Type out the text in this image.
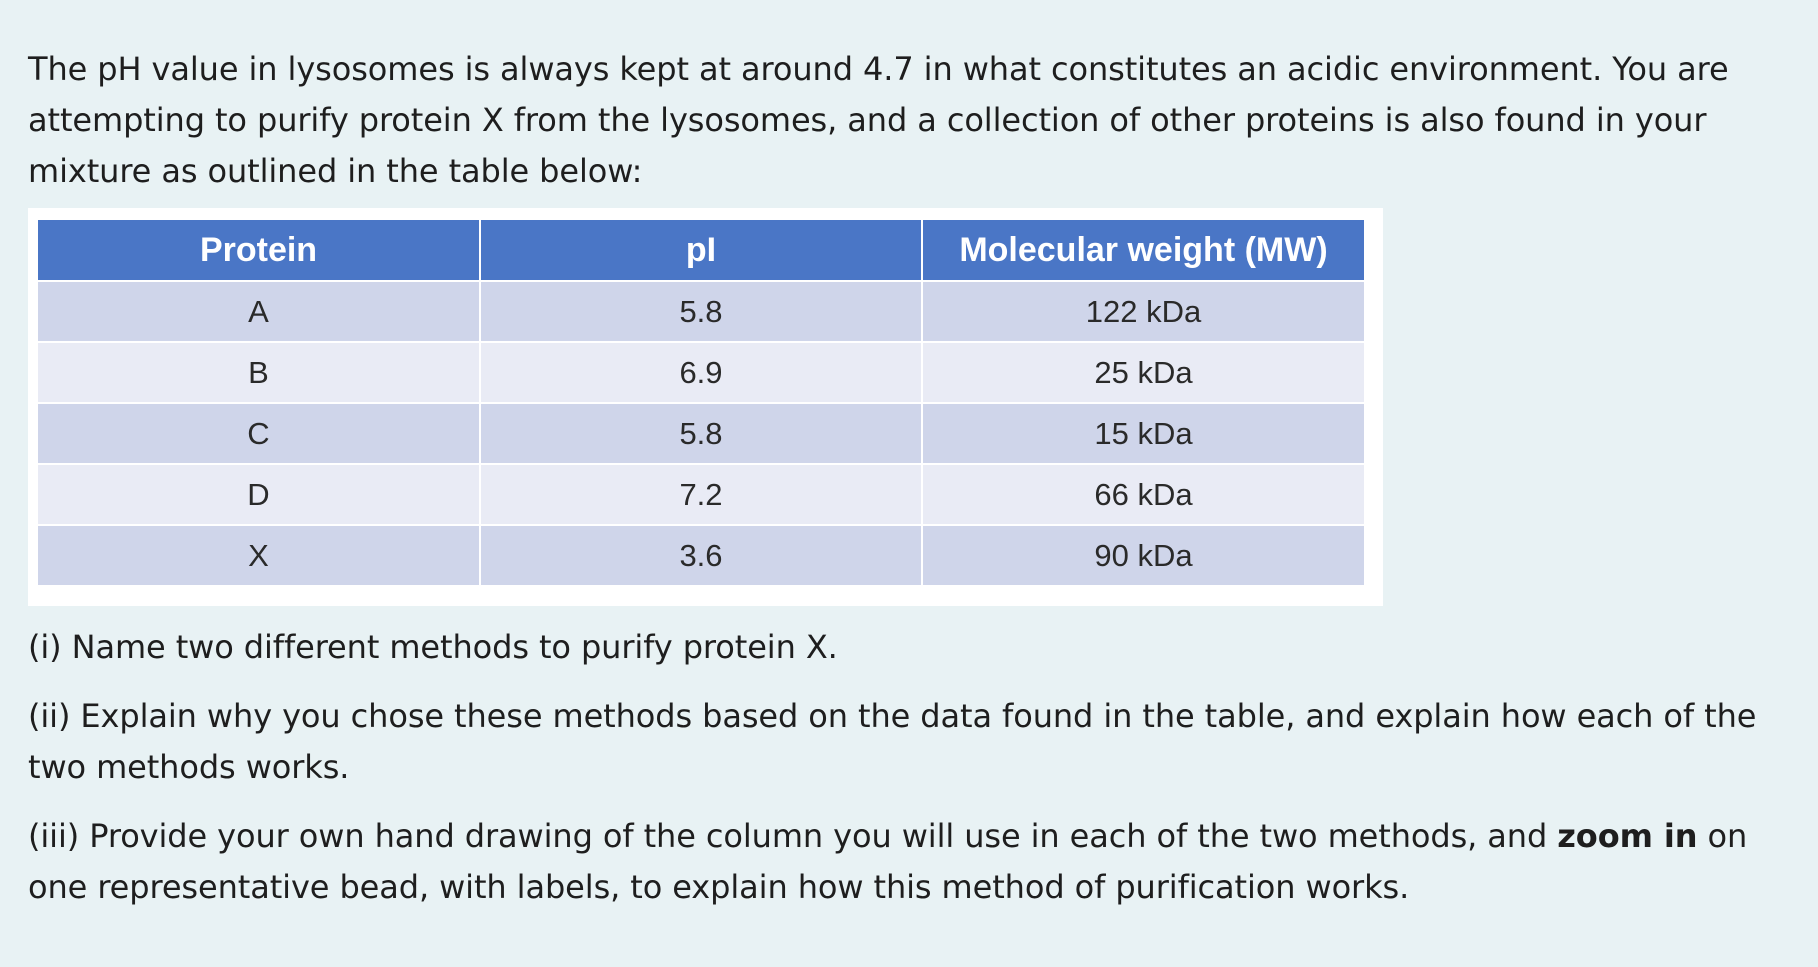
The pH value in lysosomes is always kept at around 4.7 in what constitutes an acidic environment. You are attempting to purify protein X from the lysosomes, and a collection of other proteins is also found in your mixture as outlined in the table below:

Protein	pI	Molecular weight (MW)
A	5.8	122 kDa
B	6.9	25 kDa
C	5.8	15 kDa
D	7.2	66 kDa
X	3.6	90 kDa

(i) Name two different methods to purify protein X.

(ii) Explain why you chose these methods based on the data found in the table, and explain how each of the two methods works.

(iii) Provide your own hand drawing of the column you will use in each of the two methods, and zoom in on one representative bead, with labels, to explain how this method of purification works.
